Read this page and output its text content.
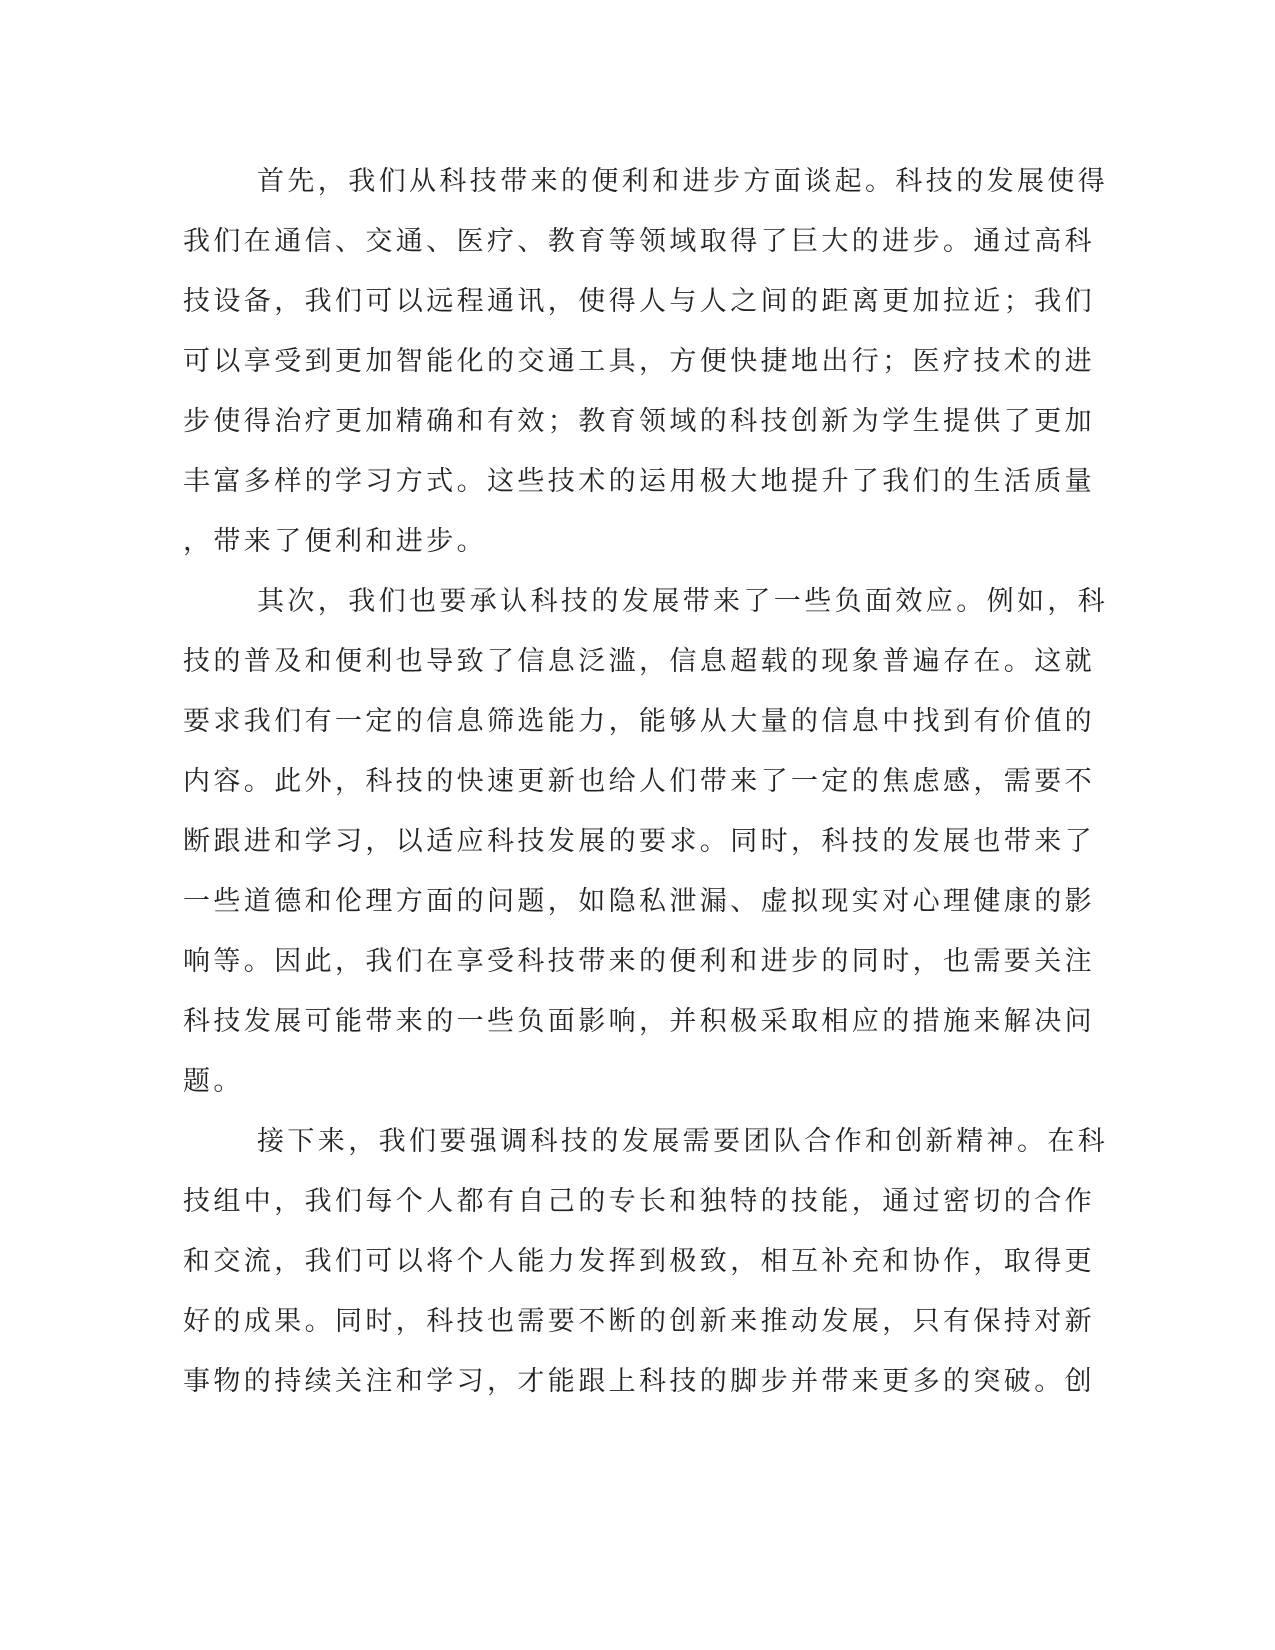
首先，我们从科技带来的便利和进步方面谈起。科技的发展使得
我们在通信、交通、医疗、教育等领域取得了巨大的进步。通过高科
技设备，我们可以远程通讯，使得人与人之间的距离更加拉近；我们
可以享受到更加智能化的交通工具，方便快捷地出行；医疗技术的进
步使得治疗更加精确和有效；教育领域的科技创新为学生提供了更加
丰富多样的学习方式。这些技术的运用极大地提升了我们的生活质量
，带来了便利和进步。
其次，我们也要承认科技的发展带来了一些负面效应。例如，科
技的普及和便利也导致了信息泛滥，信息超载的现象普遍存在。这就
要求我们有一定的信息筛选能力，能够从大量的信息中找到有价值的
内容。此外，科技的快速更新也给人们带来了一定的焦虑感，需要不
断跟进和学习，以适应科技发展的要求。同时，科技的发展也带来了
一些道德和伦理方面的问题，如隐私泄漏、虚拟现实对心理健康的影
响等。因此，我们在享受科技带来的便利和进步的同时，也需要关注
科技发展可能带来的一些负面影响，并积极采取相应的措施来解决问
题。
接下来，我们要强调科技的发展需要团队合作和创新精神。在科
技组中，我们每个人都有自己的专长和独特的技能，通过密切的合作
和交流，我们可以将个人能力发挥到极致，相互补充和协作，取得更
好的成果。同时，科技也需要不断的创新来推动发展，只有保持对新
事物的持续关注和学习，才能跟上科技的脚步并带来更多的突破。创
